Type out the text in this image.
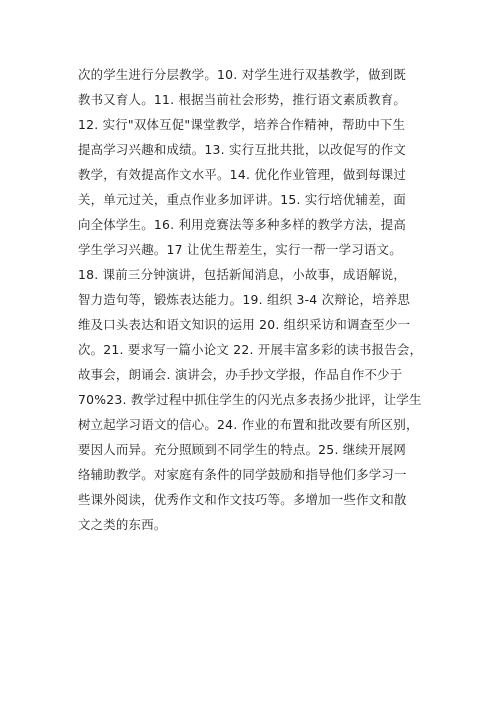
次的学生进行分层教学。10. 对学生进行双基教学，做到既
教书又育人。11. 根据当前社会形势，推行语文素质教育。
12. 实行"双体互促"课堂教学，培养合作精神，帮助中下生
提高学习兴趣和成绩。13. 实行互批共批，以改促写的作文
教学，有效提高作文水平。14. 优化作业管理，做到每课过
关，单元过关，重点作业多加评讲。15. 实行培优辅差，面
向全体学生。16. 利用竞赛法等多种多样的教学方法，提高
学生学习兴趣。17 让优生帮差生，实行一帮一学习语文。
18. 课前三分钟演讲，包括新闻消息，小故事，成语解说，
智力造句等，锻炼表达能力。19. 组织 3-4 次辩论，培养思
维及口头表达和语文知识的运用 20. 组织采访和调查至少一
次。21. 要求写一篇小论文 22. 开展丰富多彩的读书报告会，
故事会，朗诵会. 演讲会，办手抄文学报，作品自作不少于
70%23. 教学过程中抓住学生的闪光点多表扬少批评，让学生
树立起学习语文的信心。24. 作业的布置和批改要有所区别，
要因人而异。充分照顾到不同学生的特点。25. 继续开展网
络辅助教学。对家庭有条件的同学鼓励和指导他们多学习一
些课外阅读，优秀作文和作文技巧等。多增加一些作文和散
文之类的东西。
